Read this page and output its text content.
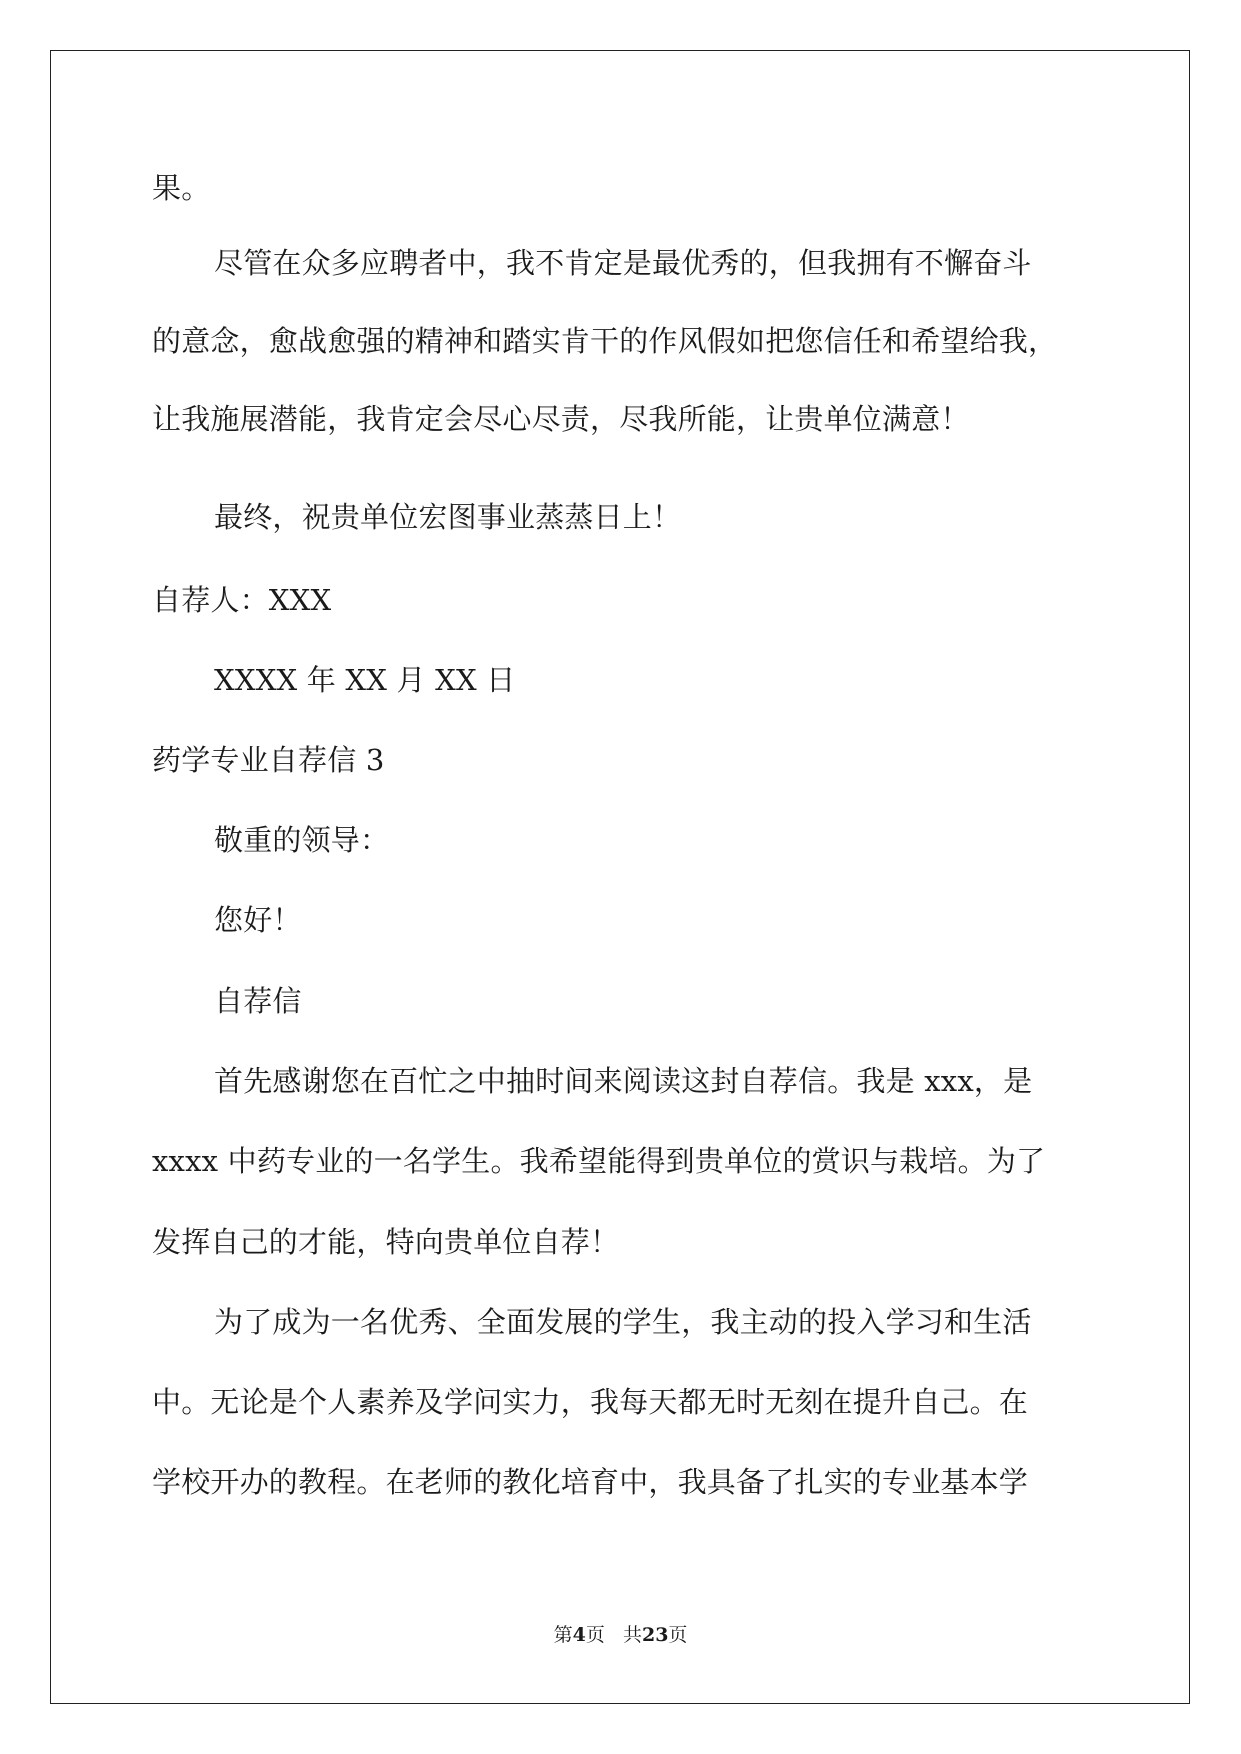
果。
尽管在众多应聘者中，我不肯定是最优秀的，但我拥有不懈奋斗
的意念，愈战愈强的精神和踏实肯干的作风假如把您信任和希望给我，
让我施展潜能，我肯定会尽心尽责，尽我所能，让贵单位满意！
最终，祝贵单位宏图事业蒸蒸日上！
自荐人：XXX
XXXX 年 XX 月 XX 日
药学专业自荐信 3
敬重的领导：
您好！
自荐信
首先感谢您在百忙之中抽时间来阅读这封自荐信。我是 xxx，是
xxxx 中药专业的一名学生。我希望能得到贵单位的赏识与栽培。为了
发挥自己的才能，特向贵单位自荐！
为了成为一名优秀、全面发展的学生，我主动的投入学习和生活
中。无论是个人素养及学问实力，我每天都无时无刻在提升自己。在
学校开办的教程。在老师的教化培育中，我具备了扎实的专业基本学
第4页 共23页
